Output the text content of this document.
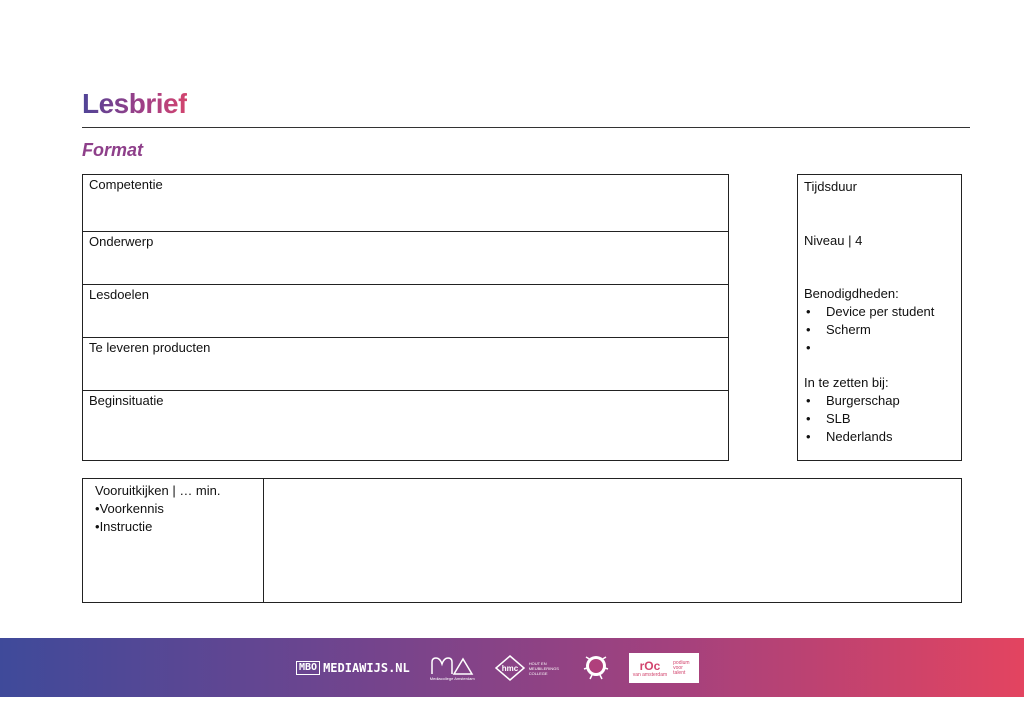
Lesbrief
Format
Competentie
Onderwerp
Lesdoelen
Te leveren producten
Beginsituatie
Tijdsduur
Niveau | 4
Benodigdheden:
• Device per student
• Scherm
•
In te zetten bij:
• Burgerschap
• SLB
• Nederlands
Vooruitkijken | … min.
• Voorkennis
• Instructie
MBO MEDIAWIJS.NL
Mediacollege Amsterdam
hmc
HOUT EN MEUBILERINGS COLLEGE
rOc
van amsterdam
podium voor talent
